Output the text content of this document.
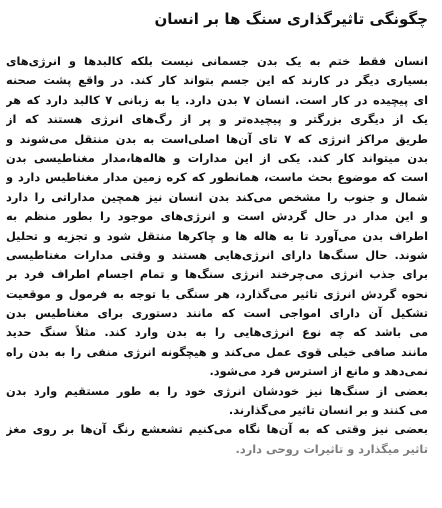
چگونگی تاثیرگذاری سنگ ها بر انسان
انسان فقط ختم به یک بدن جسمانی نیست بلکه کالبدها و انرژی‌های
بسیاری دیگر در کارند که این جسم بتواند کار کند. در واقع پشت صحنه
ای پیچیده در کار است. انسان ۷ بدن دارد. یا به زبانی ۷ کالبد دارد که هر
یک از دیگری بزرگتر و پیچیده‌تر و پر از رگ‌های انرژی هستند که از
طریق مراکز انرژی که ۷ تای آن‌ها اصلی‌است به بدن منتقل می‌شوند و
بدن میتواند کار کند. یکی از این مدارات و هاله‌ها،مدار مغناطیسی بدن
است که موضوع بحث ماست، همانطور که کره زمین مدار مغناطیس دارد و
شمال و جنوب را مشخص می‌کند بدن انسان نیز همچین مداراتی را دارد
و این مدار در حال گردش است و انرژی‌های موجود را بطور منظم به
اطراف بدن می‌آورد تا به هاله ها و چاکرها منتقل شود و تجزیه و تحلیل
شوند. حال سنگ‌ها دارای انرژی‌هایی هستند و وقتی مدارات مغناطیسی
برای جذب انرژی می‌چرخند انرژی سنگ‌ها و تمام اجسام اطراف فرد بر
نحوه گردش انرژی تاثیر می‌گذارد، هر سنگی با توجه به فرمول و موقعیت
تشکیل آن دارای امواجی است که مانند دستوری برای مغناطیس بدن
می باشد که چه نوع انرژی‌هایی را به بدن وارد کند. مثلاً سنگ حدید
مانند صافی خیلی قوی عمل می‌کند و هیچگونه انرژی منفی را به بدن راه
نمی‌دهد و مانع از استرس فرد می‌شود.
بعضی از سنگ‌ها نیز خودشان انرژی خود را به طور مستقیم وارد بدن
می کنند و بر انسان تاثیر می‌گذارند.
بعضی نیز وقتی که به آن‌ها نگاه می‌کنیم تشعشع رنگ آن‌ها بر روی مغز
تاثیر میگذارد و تاثیرات روحی دارد.
